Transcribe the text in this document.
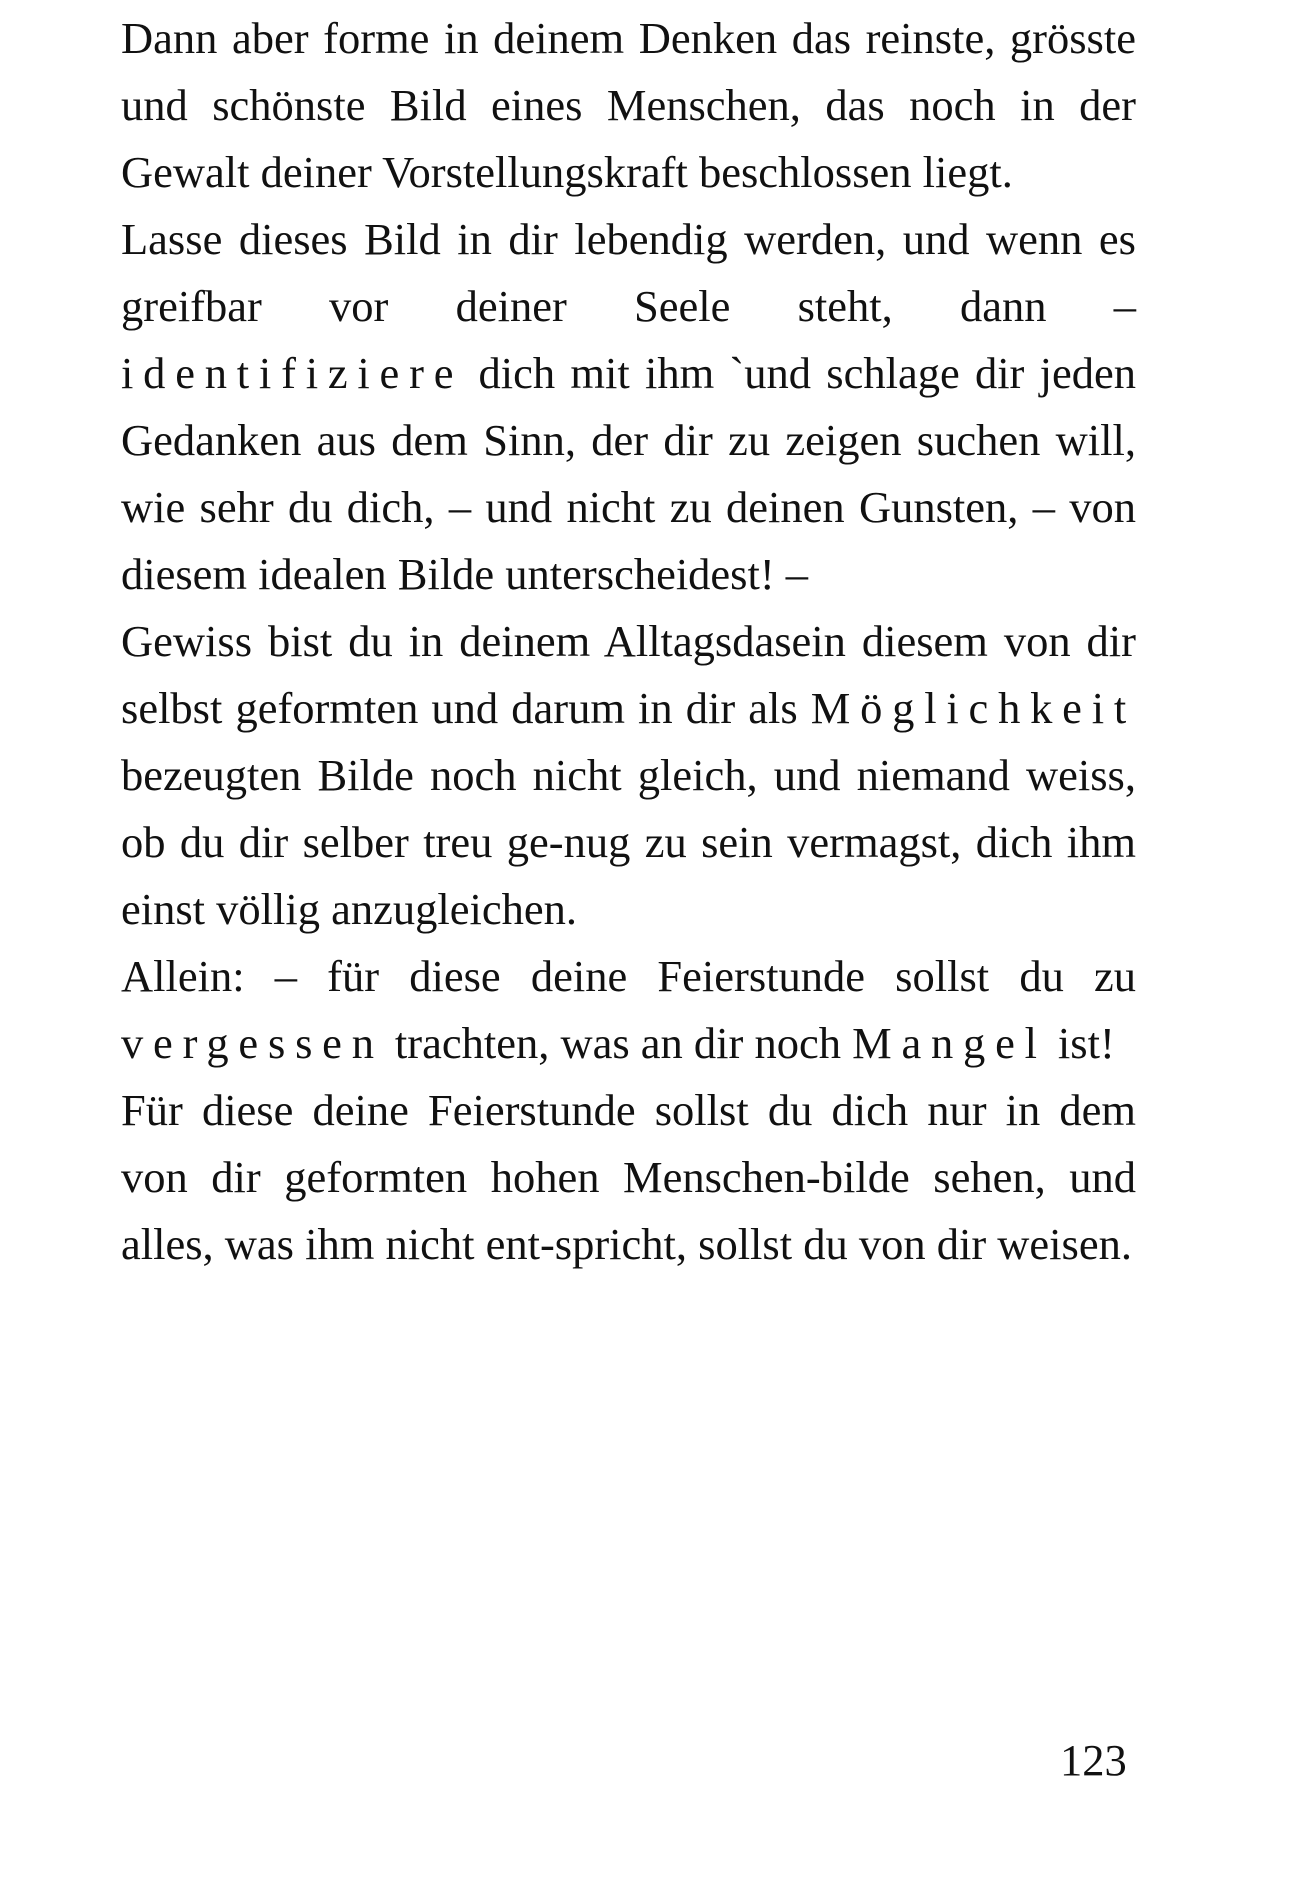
Dann aber forme in deinem Denken das reinste, grösste und schönste Bild eines Menschen, das noch in der Gewalt deiner Vorstellungskraft beschlossen liegt.

Lasse dieses Bild in dir lebendig werden, und wenn es greifbar vor deiner Seele steht, dann – identifiziere dich mit ihm `und schlage dir jeden Gedanken aus dem Sinn, der dir zu zeigen suchen will, wie sehr du dich, – und nicht zu deinen Gunsten, – von diesem idealen Bilde unterscheidest! –

Gewiss bist du in deinem Alltagsdasein diesem von dir selbst geformten und darum in dir als Möglichkeit bezeugten Bilde noch nicht gleich, und niemand weiss, ob du dir selber treu ge-nug zu sein vermagst, dich ihm einst völlig anzugleichen.

Allein: – für diese deine Feierstunde sollst du zu vergessen trachten, was an dir noch Mangel ist!

Für diese deine Feierstunde sollst du dich nur in dem von dir geformten hohen Menschen-bilde sehen, und alles, was ihm nicht ent-spricht, sollst du von dir weisen.

123
